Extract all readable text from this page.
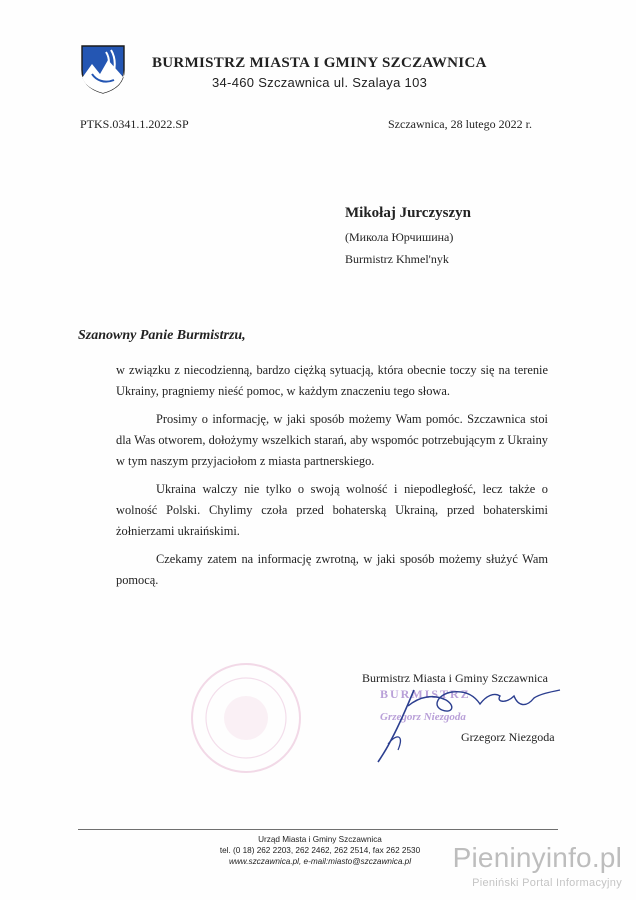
BURMISTRZ MIASTA I GMINY SZCZAWNICA
34-460 Szczawnica ul. Szalaya 103
PTKS.0341.1.2022.SP	Szczawnica, 28 lutego 2022 r.
Mikołaj Jurczyszyn
(Микола Юрчишина)
Burmistrz Khmel'nyk
Szanowny Panie Burmistrzu,

w związku z niecodzienną, bardzo ciężką sytuacją, która obecnie toczy się na terenie Ukrainy, pragniemy nieść pomoc, w każdym znaczeniu tego słowa.

Prosimy o informację, w jaki sposób możemy Wam pomóc. Szczawnica stoi dla Was otworem, dołożymy wszelkich starań, aby wspomóc potrzebującym z Ukrainy w tym naszym przyjaciołom z miasta partnerskiego.

Ukraina walczy nie tylko o swoją wolność i niepodległość, lecz także o wolność Polski. Chylimy czoła przed bohaterską Ukrainą, przed bohaterskimi żołnierzami ukraińskimi.

Czekamy zatem na informację zwrotną, w jaki sposób możemy służyć Wam pomocą.

Burmistrz Miasta i Gminy Szczawnica
BURMISTRZ
Grzegorz Niezgoda
Grzegorz Niezgoda
Urząd Miasta i Gminy Szczawnica
tel. (0 18) 262 2203, 262 2462, 262 2514, fax 262 2530
www.szczawnica.pl, e-mail:miasto@szczawnica.pl	Pieninyinfo.pl
Pieniński Portal Informacyjny
